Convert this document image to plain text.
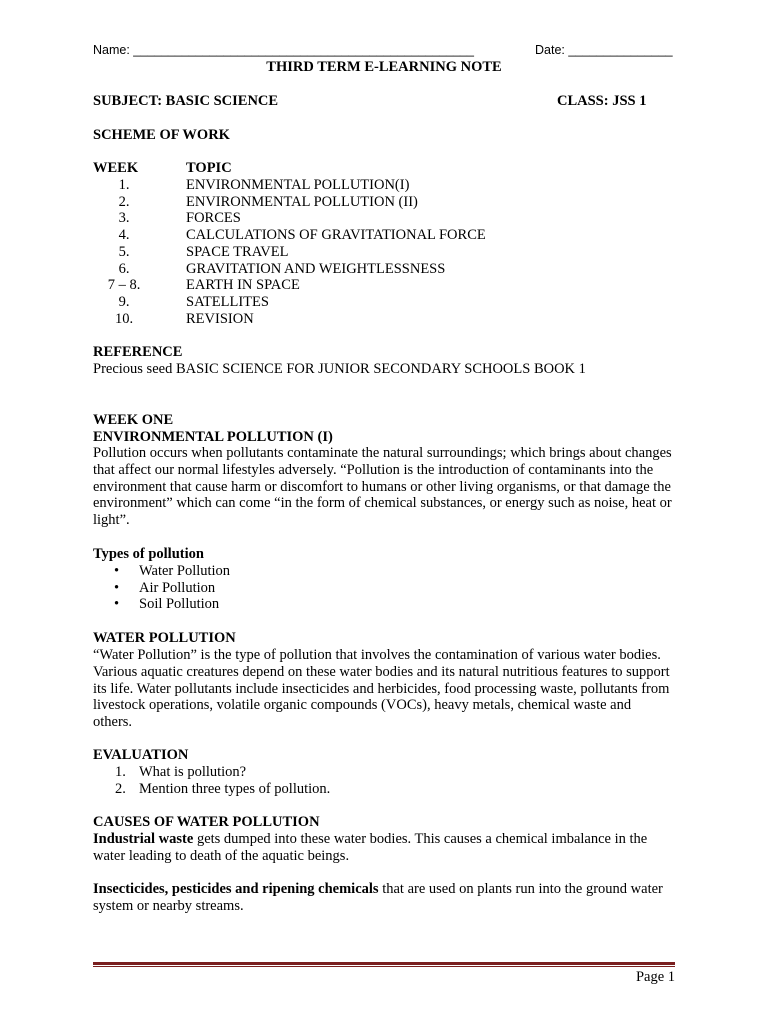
Name: _________________________________________________	Date: _______________
THIRD TERM E-LEARNING NOTE
SUBJECT: BASIC SCIENCE	CLASS: JSS 1
SCHEME OF WORK
WEEK	TOPIC
1.	ENVIRONMENTAL POLLUTION(I)
2.	ENVIRONMENTAL POLLUTION (II)
3.	FORCES
4.	CALCULATIONS OF GRAVITATIONAL FORCE
5.	SPACE TRAVEL
6.	GRAVITATION AND WEIGHTLESSNESS
7 – 8.	EARTH IN SPACE
9.	SATELLITES
10.	REVISION
REFERENCE
Precious seed BASIC SCIENCE FOR JUNIOR SECONDARY SCHOOLS BOOK 1
WEEK ONE
ENVIRONMENTAL POLLUTION (I)
Pollution occurs when pollutants contaminate the natural surroundings; which brings about changes that affect our normal lifestyles adversely. “Pollution is the introduction of contaminants into the environment that cause harm or discomfort to humans or other living organisms, or that damage the environment” which can come “in the form of chemical substances, or energy such as noise, heat or light”.
Types of pollution
• Water Pollution
• Air Pollution
• Soil Pollution
WATER POLLUTION
“Water Pollution” is the type of pollution that involves the contamination of various water bodies. Various aquatic creatures depend on these water bodies and its natural nutritious features to support its life. Water pollutants include insecticides and herbicides, food processing waste, pollutants from livestock operations, volatile organic compounds (VOCs), heavy metals, chemical waste and others.
EVALUATION
1. What is pollution?
2. Mention three types of pollution.
CAUSES OF WATER POLLUTION
Industrial waste gets dumped into these water bodies. This causes a chemical imbalance in the water leading to death of the aquatic beings.
Insecticides, pesticides and ripening chemicals that are used on plants run into the ground water system or nearby streams.
Page 1
